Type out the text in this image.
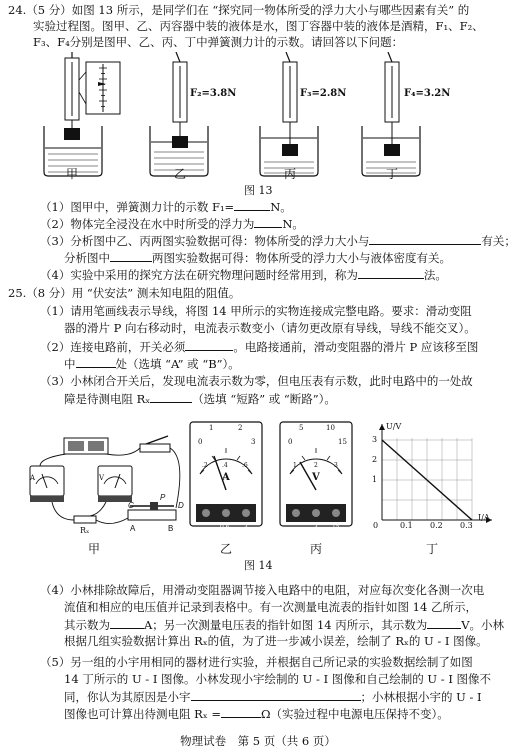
24.（5 分）如图 13 所示，是同学们在 “探究同一物体所受的浮力大小与哪些因素有关” 的
实验过程图。图甲、乙、丙容器中装的液体是水，图丁容器中装的液体是酒精，F₁、F₂、
F₃、F₄分别是图甲、乙、丙、丁中弹簧测力计的示数。请回答以下问题：
F₂=3.8N	F₃=2.8N	F₄=3.2N
甲	乙	丙	丁
图 13
（1）图甲中，弹簧测力计的示数 F₁=	N。
（2）物体完全浸没在水中时所受的浮力为 N。
（3）分析图中乙、丙两图实验数据可得：物体所受的浮力大小与	有关；
分析图中	两图实验数据可得：物体所受的浮力大小与液体密度有关。
（4）实验中采用的探究方法在研究物理问题时经常用到，称为	法。
25.（8 分）用 “伏安法” 测未知电阻的阻值。
（1）请用笔画线表示导线，将图 14 甲所示的实物连接成完整电路。要求：滑动变阻
器的滑片 P 向右移动时，电流表示数变小（请勿更改原有导线，导线不能交叉）。
（2）连接电路前，开关必须	。电路接通前，滑动变阻器的滑片 P 应该移至图
中	处（选填 “A” 或 “B”）。
（3）小林闭合开关后，发现电流表示数为零，但电压表有示数，此时电路中的一处故
障是待测电阻 Rₓ	（选填 “短路” 或 “断路”）。
C
P
D
A	B
A	V
Rₓ
0
1	2
3
.2 .4 .6
A
- 0.6 3
0
5	10
15
1	2	3
V
-	3 15
U/V
I/A
3
2
1
0	0.1 0.2 0.3
甲	乙	丙	丁
图 14
（4）小林排除故障后，用滑动变阻器调节接入电路中的电阻，对应每次变化各测一次电
流值和相应的电压值并记录到表格中。有一次测量电流表的指针如图 14 乙所示，
其示数为	A；另一次测量电压表的指针如图 14 丙所示，其示数为	V。小林
根据几组实验数据计算出 Rₓ的值，为了进一步减小误差，绘制了 Rₓ的 U - I 图像。
（5）另一组的小宇用相同的器材进行实验，并根据自己所记录的实验数据绘制了如图
14 丁所示的 U - I 图像。小林发现小宇绘制的 U - I 图像和自己绘制的 U - I 图像不
同，你认为其原因是小宇	；小林根据小宇的 U - I
图像也可计算出待测电阻 Rₓ =	Ω（实验过程中电源电压保持不变）。
物理试卷　第 5 页（共 6 页）
